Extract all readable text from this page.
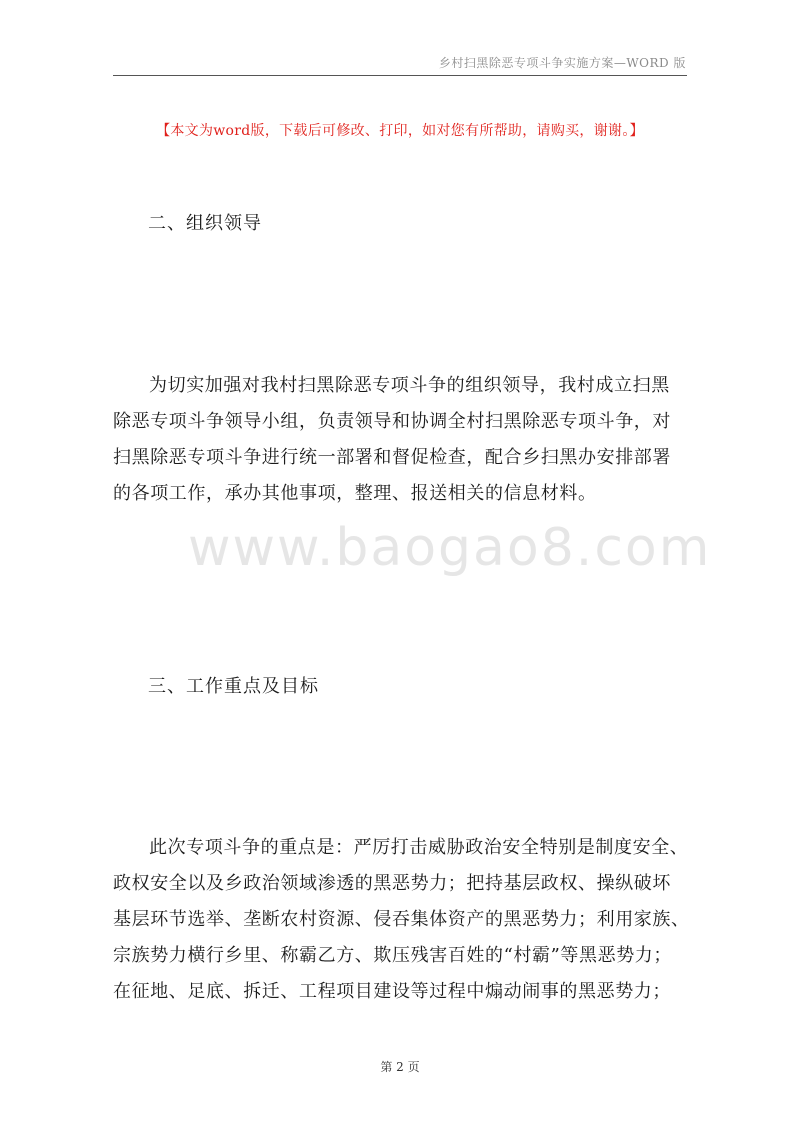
乡村扫黑除恶专项斗争实施方案—WORD 版
【本文为word版，下载后可修改、打印，如对您有所帮助，请购买，谢谢。】
二、组织领导
为切实加强对我村扫黑除恶专项斗争的组织领导，我村成立扫黑
除恶专项斗争领导小组，负责领导和协调全村扫黑除恶专项斗争，对
扫黑除恶专项斗争进行统一部署和督促检查，配合乡扫黑办安排部署
的各项工作，承办其他事项，整理、报送相关的信息材料。
www.baogao8.com
三、工作重点及目标
此次专项斗争的重点是：严厉打击威胁政治安全特别是制度安全、
政权安全以及乡政治领域渗透的黑恶势力；把持基层政权、操纵破坏
基层环节选举、垄断农村资源、侵吞集体资产的黑恶势力；利用家族、
宗族势力横行乡里、称霸乙方、欺压残害百姓的“村霸”等黑恶势力；
在征地、足底、拆迁、工程项目建设等过程中煽动闹事的黑恶势力；
第 2 页
